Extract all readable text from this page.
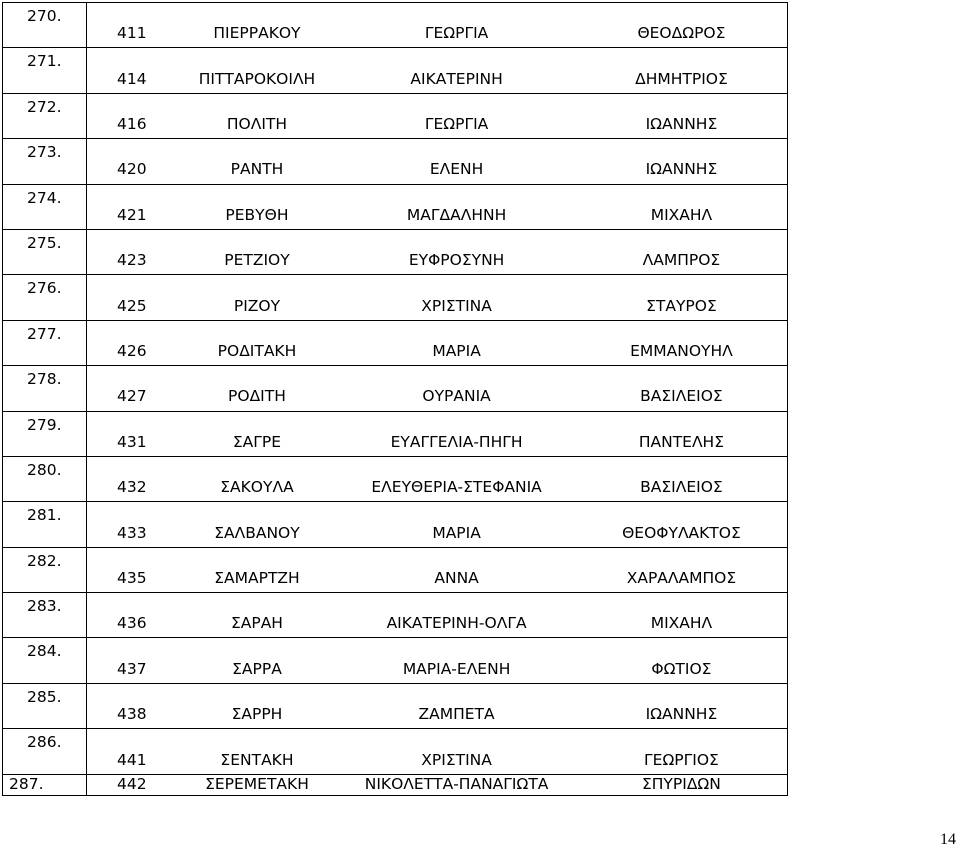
270.	411 ΠΙΕΡΡΑΚΟΥ ΓΕΩΡΓΙΑ ΘΕΟΔΩΡΟΣ

271.	414 ΠΙΤΤΑΡΟΚΟΙΛΗ ΑΙΚΑΤΕΡΙΝΗ ΔΗΜΗΤΡΙΟΣ

272.	416 ΠΟΛΙΤΗ ΓΕΩΡΓΙΑ ΙΩΑΝΝΗΣ

273.	420 ΡΑΝΤΗ ΕΛΕΝΗ ΙΩΑΝΝΗΣ

274.	421 ΡΕΒΥΘΗ ΜΑΓΔΑΛΗΝΗ ΜΙΧΑΗΛ

275.	423 ΡΕΤΖΙΟΥ ΕΥΦΡΟΣΥΝΗ ΛΑΜΠΡΟΣ

276.	425 ΡΙΖΟΥ ΧΡΙΣΤΙΝΑ ΣΤΑΥΡΟΣ

277.	426 ΡΟΔΙΤΑΚΗ ΜΑΡΙΑ ΕΜΜΑΝΟΥΗΛ

278.	427 ΡΟΔΙΤΗ ΟΥΡΑΝΙΑ ΒΑΣΙΛΕΙΟΣ

279.	431 ΣΑΓΡΕ ΕΥΑΓΓΕΛΙΑ-ΠΗΓΗ ΠΑΝΤΕΛΗΣ

280.	432 ΣΑΚΟΥΛΑ ΕΛΕΥΘΕΡΙΑ-ΣΤΕΦΑΝΙΑ ΒΑΣΙΛΕΙΟΣ

281.	433 ΣΑΛΒΑΝΟΥ ΜΑΡΙΑ ΘΕΟΦΥΛΑΚΤΟΣ

282.	435 ΣΑΜΑΡΤΖΗ ΑΝΝΑ ΧΑΡΑΛΑΜΠΟΣ

283.	436 ΣΑΡΑΗ ΑΙΚΑΤΕΡΙΝΗ-ΟΛΓΑ ΜΙΧΑΗΛ

284.	437 ΣΑΡΡΑ ΜΑΡΙΑ-ΕΛΕΝΗ ΦΩΤΙΟΣ

285.	438 ΣΑΡΡΗ ΖΑΜΠΕΤΑ ΙΩΑΝΝΗΣ

286.	441 ΣΕΝΤΑΚΗ ΧΡΙΣΤΙΝΑ ΓΕΩΡΓΙΟΣ

287.	442 ΣΕΡΕΜΕΤΑΚΗ ΝΙΚΟΛΕΤΤΑ-ΠΑΝΑΓΙΩΤΑ ΣΠΥΡΙΔΩΝ
14
